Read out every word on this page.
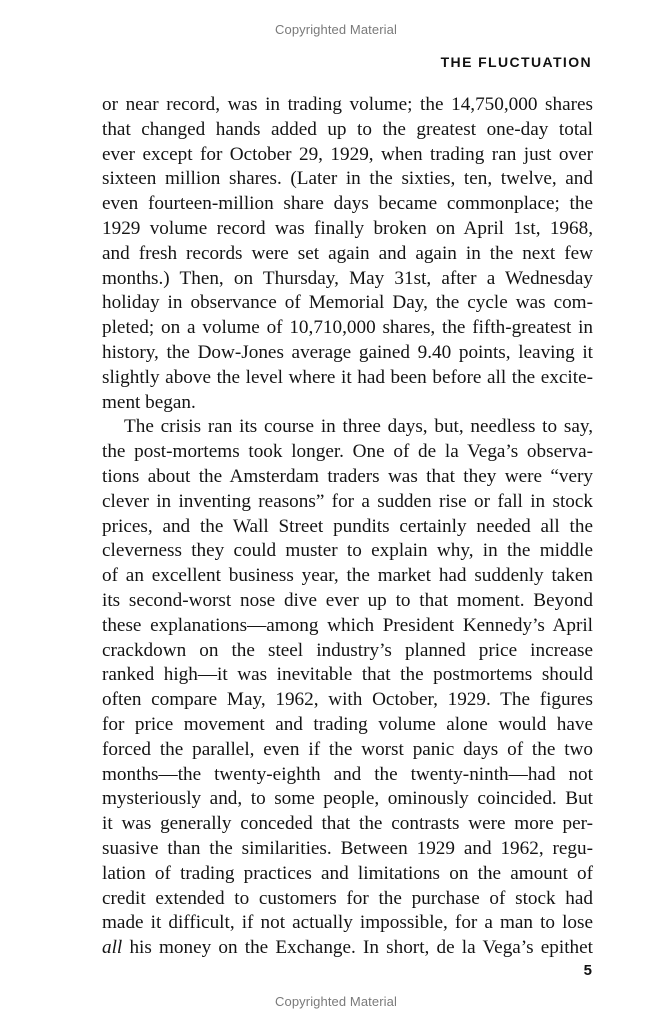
Copyrighted Material
THE FLUCTUATION
or near record, was in trading volume; the 14,750,000 shares
that changed hands added up to the greatest one-day total
ever except for October 29, 1929, when trading ran just over
sixteen million shares. (Later in the sixties, ten, twelve, and
even fourteen-million share days became commonplace; the
1929 volume record was finally broken on April 1st, 1968,
and fresh records were set again and again in the next few
months.) Then, on Thursday, May 31st, after a Wednesday
holiday in observance of Memorial Day, the cycle was com-
pleted; on a volume of 10,710,000 shares, the fifth-greatest in
history, the Dow-Jones average gained 9.40 points, leaving it
slightly above the level where it had been before all the excite-
ment began.
The crisis ran its course in three days, but, needless to say,
the post-mortems took longer. One of de la Vega’s observa-
tions about the Amsterdam traders was that they were “very
clever in inventing reasons” for a sudden rise or fall in stock
prices, and the Wall Street pundits certainly needed all the
cleverness they could muster to explain why, in the middle
of an excellent business year, the market had suddenly taken
its second-worst nose dive ever up to that moment. Beyond
these explanations—among which President Kennedy’s April
crackdown on the steel industry’s planned price increase
ranked high—it was inevitable that the postmortems should
often compare May, 1962, with October, 1929. The figures
for price movement and trading volume alone would have
forced the parallel, even if the worst panic days of the two
months—the twenty-eighth and the twenty-ninth—had not
mysteriously and, to some people, ominously coincided. But
it was generally conceded that the contrasts were more per-
suasive than the similarities. Between 1929 and 1962, regu-
lation of trading practices and limitations on the amount of
credit extended to customers for the purchase of stock had
made it difficult, if not actually impossible, for a man to lose
all his money on the Exchange. In short, de la Vega’s epithet
5
Copyrighted Material
